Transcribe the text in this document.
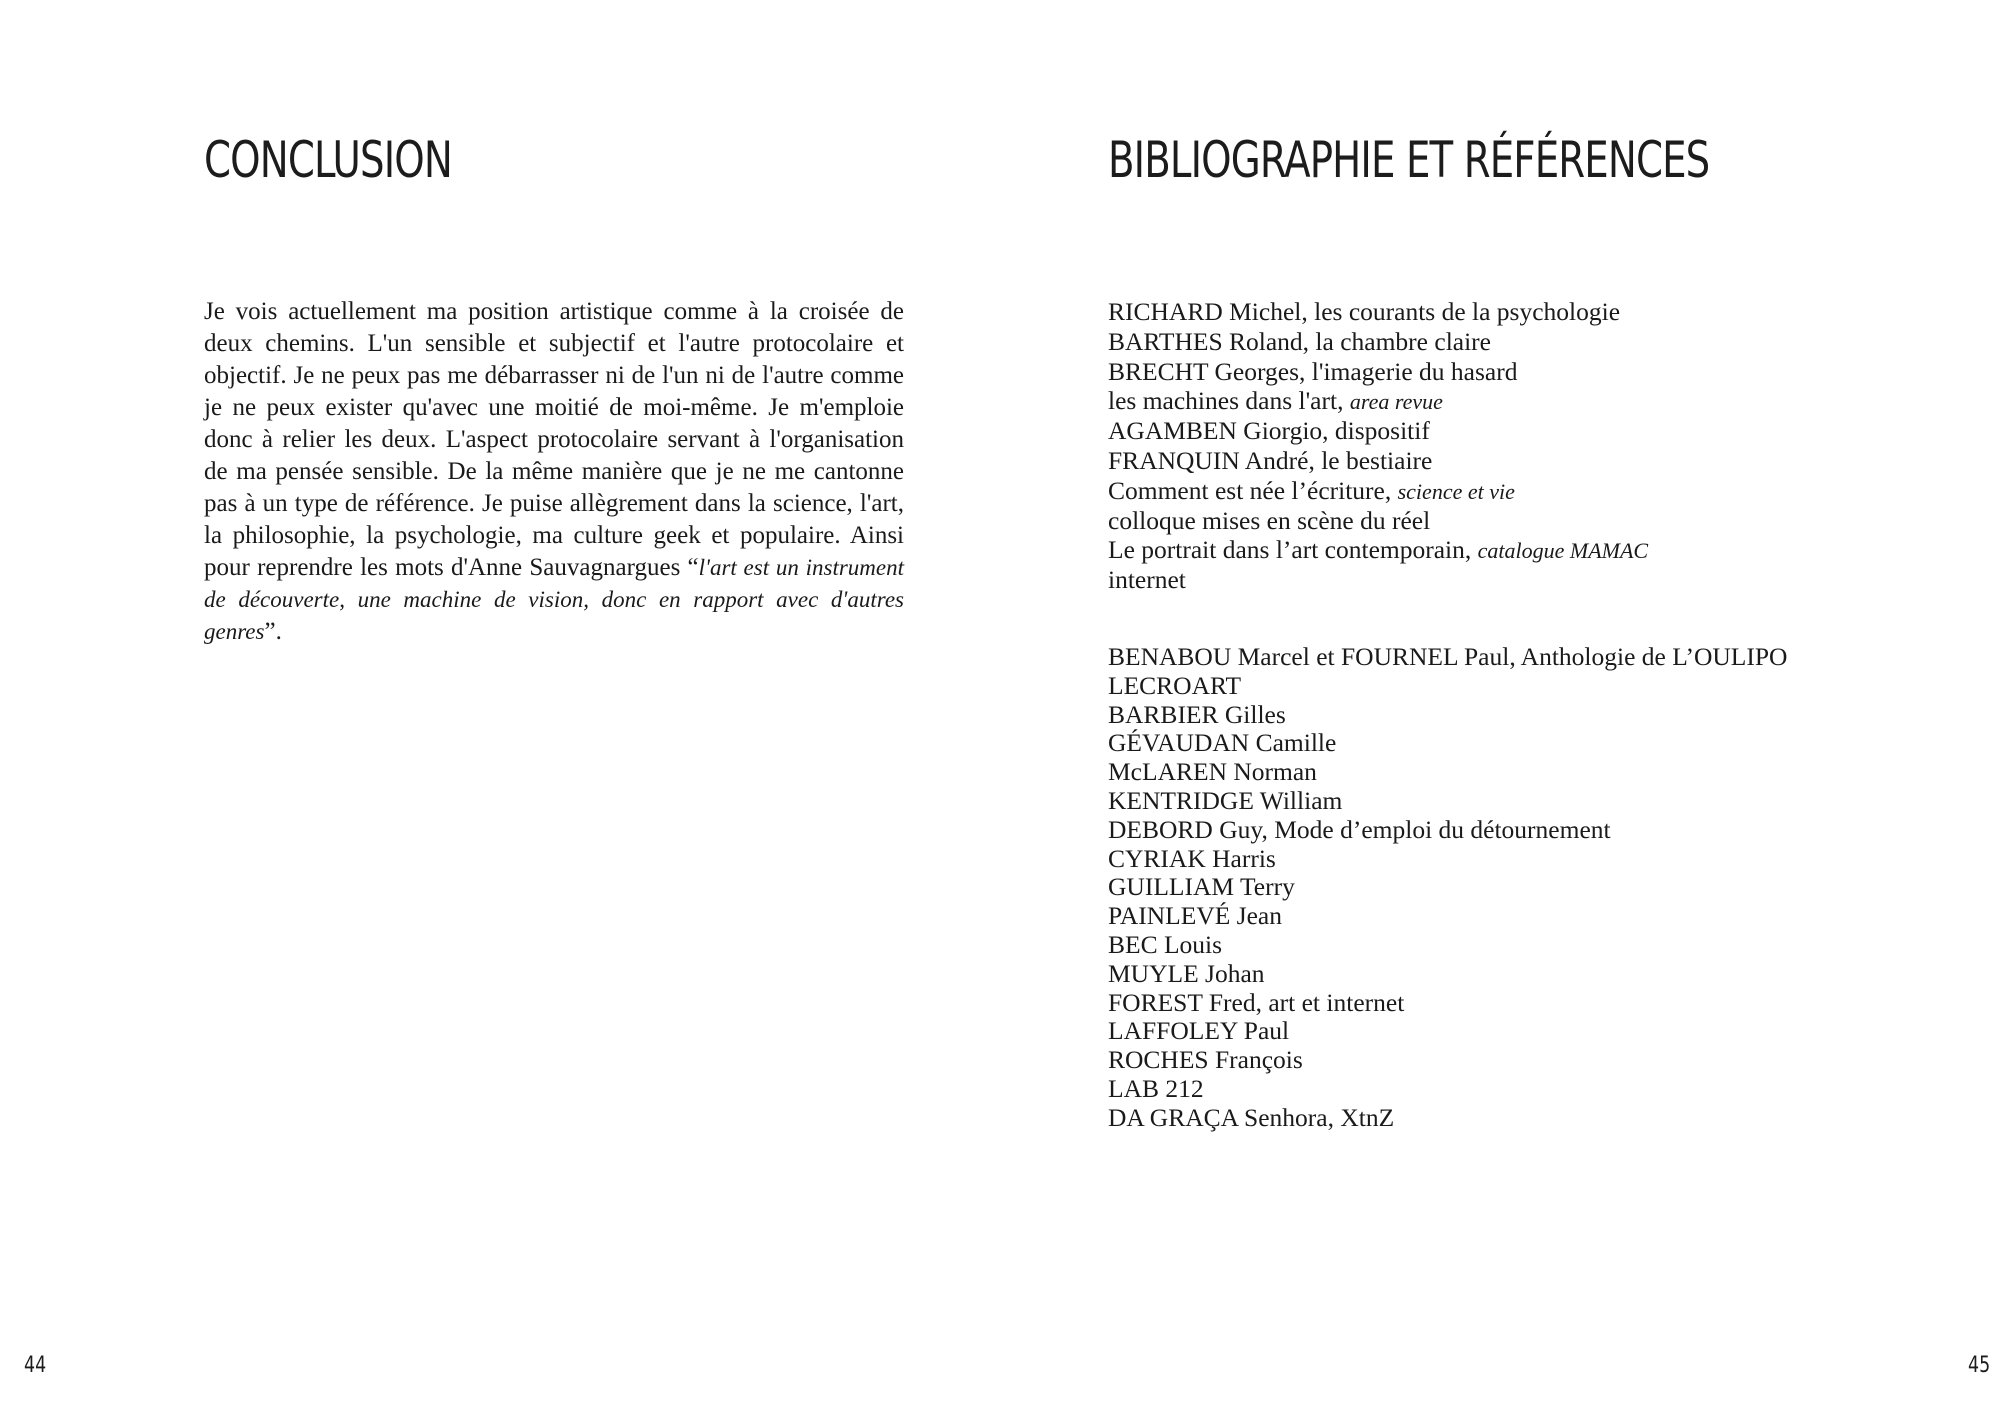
CONCLUSION

Je vois actuellement ma position artistique comme à la croisée de deux chemins. L'un sensible et subjectif et l'autre protocolaire et objectif. Je ne peux pas me débarrasser ni de l'un ni de l'autre comme je ne peux exister qu'avec une moitié de moi-même. Je m'emploie donc à relier les deux. L'aspect protocolaire servant à l'organisation de ma pensée sensible. De la même manière que je ne me cantonne pas à un type de référence. Je puise allègrement dans la science, l'art, la philosophie, la psychologie, ma culture geek et populaire. Ainsi pour reprendre les mots d'Anne Sauvagnargues “l'art est un instrument de découverte, une machine de vision, donc en rapport avec d'autres genres”.

44
BIBLIOGRAPHIE ET RÉFÉRENCES
RICHARD Michel, les courants de la psychologie
BARTHES Roland, la chambre claire
BRECHT Georges, l'imagerie du hasard
les machines dans l'art, area revue
AGAMBEN Giorgio, dispositif
FRANQUIN André, le bestiaire
Comment est née l’écriture, science et vie
colloque mises en scène du réel
Le portrait dans l’art contemporain, catalogue MAMAC
internet
BENABOU Marcel et FOURNEL Paul, Anthologie de L’OULIPO
LECROART
BARBIER Gilles
GÉVAUDAN Camille
McLAREN Norman
KENTRIDGE William
DEBORD Guy, Mode d’emploi du détournement
CYRIAK Harris
GUILLIAM Terry
PAINLEVÉ Jean
BEC Louis
MUYLE Johan
FOREST Fred, art et internet
LAFFOLEY Paul
ROCHES François
LAB 212
DA GRAÇA Senhora, XtnZ
45
